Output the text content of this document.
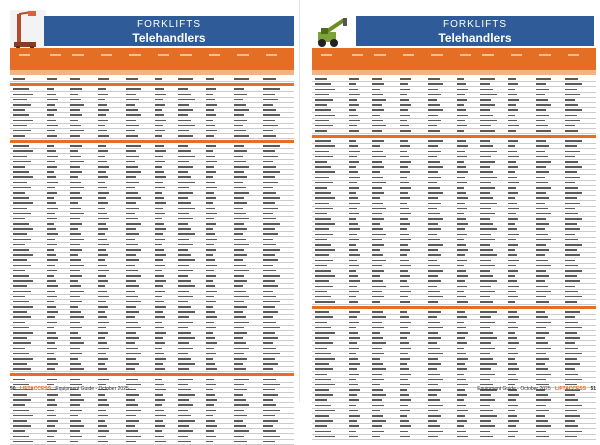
FORKLIFTS
Telehandlers
50 LIFTACCESS Equipment Guide - October 2025
FORKLIFTS
Telehandlers
Equipment Guide - October 2025 LIFTACCESS 51
